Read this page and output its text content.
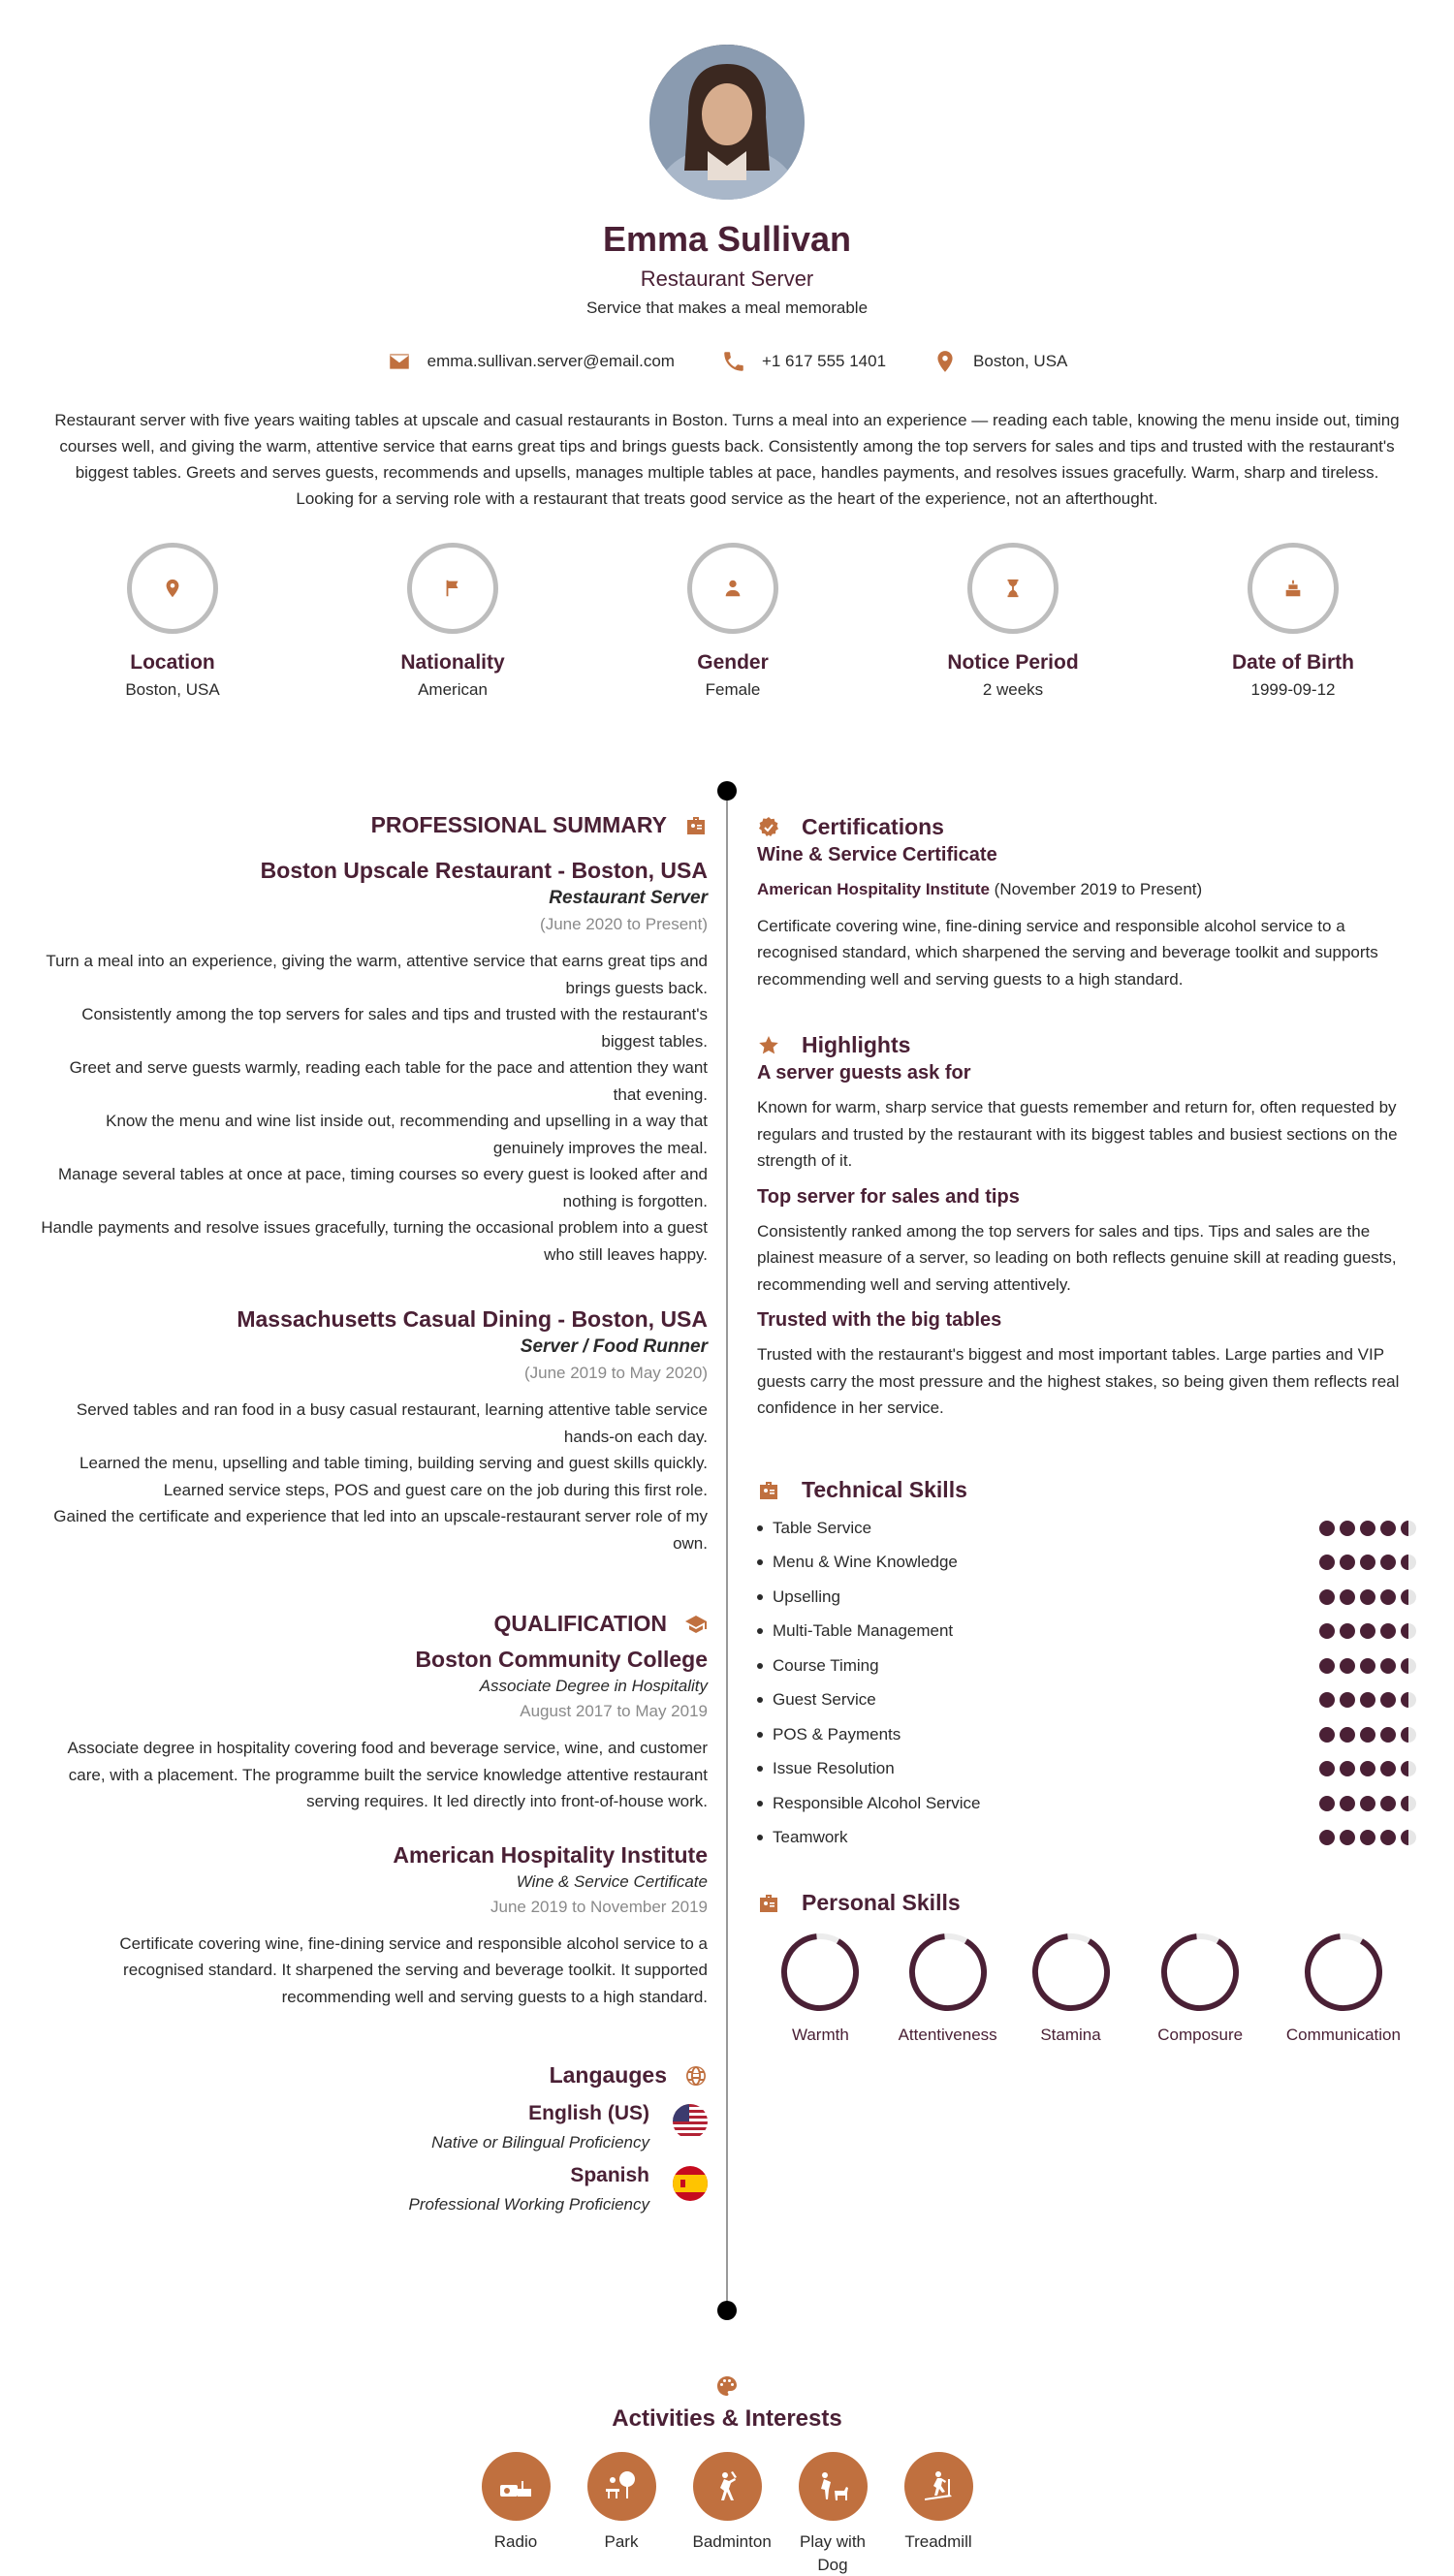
Emma Sullivan
Restaurant Server
Service that makes a meal memorable
emma.sullivan.server@email.com	+1 617 555 1401	Boston, USA
Restaurant server with five years waiting tables at upscale and casual restaurants in Boston. Turns a meal into an experience — reading each table, knowing the menu inside out, timing courses well, and giving the warm, attentive service that earns great tips and brings guests back. Consistently among the top servers for sales and tips and trusted with the restaurant's biggest tables. Greets and serves guests, recommends and upsells, manages multiple tables at pace, handles payments, and resolves issues gracefully. Warm, sharp and tireless. Looking for a serving role with a restaurant that treats good service as the heart of the experience, not an afterthought.
Location
Boston, USA
Nationality
American
Gender
Female
Notice Period
2 weeks
Date of Birth
1999-09-12
PROFESSIONAL SUMMARY
Boston Upscale Restaurant - Boston, USA
Restaurant Server
(June 2020 to Present)
Turn a meal into an experience, giving the warm, attentive service that earns great tips and brings guests back.
Consistently among the top servers for sales and tips and trusted with the restaurant's biggest tables.
Greet and serve guests warmly, reading each table for the pace and attention they want that evening.
Know the menu and wine list inside out, recommending and upselling in a way that genuinely improves the meal.
Manage several tables at once at pace, timing courses so every guest is looked after and nothing is forgotten.
Handle payments and resolve issues gracefully, turning the occasional problem into a guest who still leaves happy.
Massachusetts Casual Dining - Boston, USA
Server / Food Runner
(June 2019 to May 2020)
Served tables and ran food in a busy casual restaurant, learning attentive table service hands-on each day.
Learned the menu, upselling and table timing, building serving and guest skills quickly.
Learned service steps, POS and guest care on the job during this first role.
Gained the certificate and experience that led into an upscale-restaurant server role of my own.
QUALIFICATION
Boston Community College
Associate Degree in Hospitality
August 2017 to May 2019
Associate degree in hospitality covering food and beverage service, wine, and customer care, with a placement. The programme built the service knowledge attentive restaurant serving requires. It led directly into front-of-house work.
American Hospitality Institute
Wine & Service Certificate
June 2019 to November 2019
Certificate covering wine, fine-dining service and responsible alcohol service to a recognised standard. It sharpened the serving and beverage toolkit. It supported recommending well and serving guests to a high standard.
Langauges
English (US)
Native or Bilingual Proficiency
Spanish
Professional Working Proficiency
Certifications
Wine & Service Certificate
American Hospitality Institute (November 2019 to Present)
Certificate covering wine, fine-dining service and responsible alcohol service to a recognised standard, which sharpened the serving and beverage toolkit and supports recommending well and serving guests to a high standard.
Highlights
A server guests ask for
Known for warm, sharp service that guests remember and return for, often requested by regulars and trusted by the restaurant with its biggest tables and busiest sections on the strength of it.
Top server for sales and tips
Consistently ranked among the top servers for sales and tips. Tips and sales are the plainest measure of a server, so leading on both reflects genuine skill at reading guests, recommending well and serving attentively.
Trusted with the big tables
Trusted with the restaurant's biggest and most important tables. Large parties and VIP guests carry the most pressure and the highest stakes, so being given them reflects real confidence in her service.
Technical Skills
Table Service
Menu & Wine Knowledge
Upselling
Multi-Table Management
Course Timing
Guest Service
POS & Payments
Issue Resolution
Responsible Alcohol Service
Teamwork
Personal Skills
Warmth	Attentiveness	Stamina	Composure	Communication
Activities & Interests
Radio	Park	Badminton Play with Dog
Treadmill
